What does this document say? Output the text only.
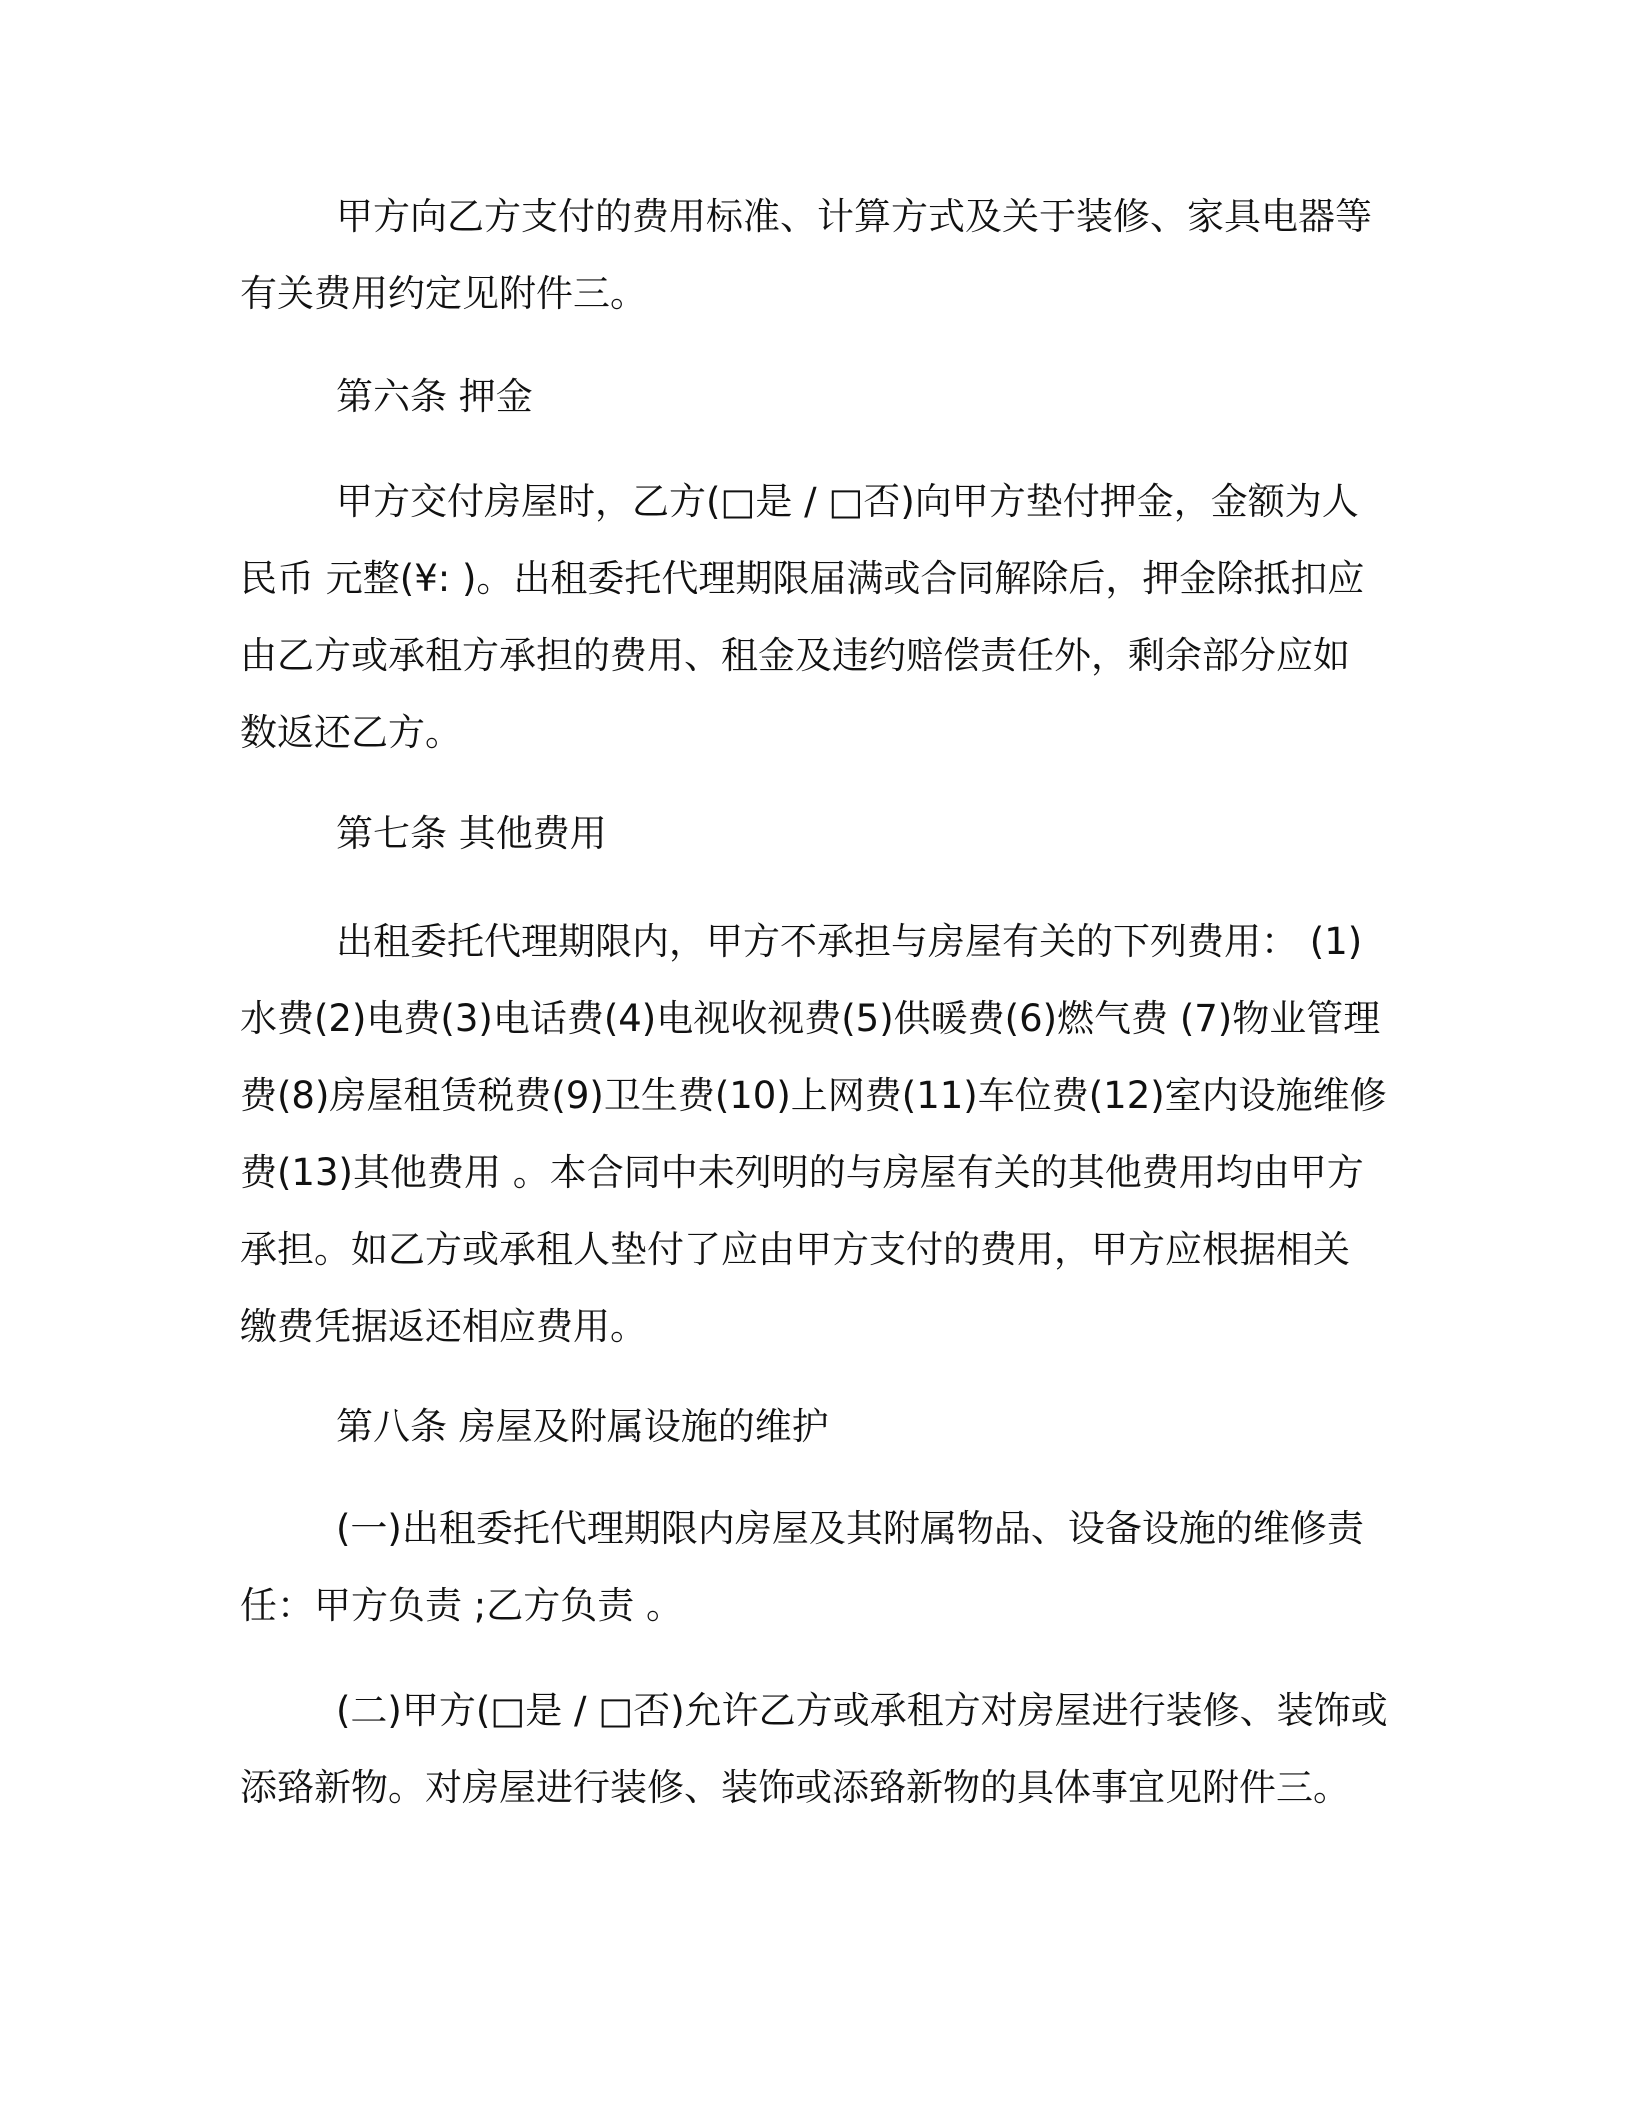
甲方向乙方支付的费用标准、计算方式及关于装修、家具电器等
有关费用约定见附件三。

第六条 押金

甲方交付房屋时，乙方(□是 / □否)向甲方垫付押金，金额为人
民币 元整(¥: )。出租委托代理期限届满或合同解除后，押金除抵扣应
由乙方或承租方承担的费用、租金及违约赔偿责任外，剩余部分应如
数返还乙方。

第七条 其他费用

出租委托代理期限内，甲方不承担与房屋有关的下列费用： (1)
水费(2)电费(3)电话费(4)电视收视费(5)供暖费(6)燃气费 (7)物业管理
费(8)房屋租赁税费(9)卫生费(10)上网费(11)车位费(12)室内设施维修
费(13)其他费用 。本合同中未列明的与房屋有关的其他费用均由甲方
承担。如乙方或承租人垫付了应由甲方支付的费用，甲方应根据相关
缴费凭据返还相应费用。

第八条 房屋及附属设施的维护

(一)出租委托代理期限内房屋及其附属物品、设备设施的维修责
任：甲方负责 ;乙方负责 。

(二)甲方(□是 / □否)允许乙方或承租方对房屋进行装修、装饰或
添臵新物。对房屋进行装修、装饰或添臵新物的具体事宜见附件三。
